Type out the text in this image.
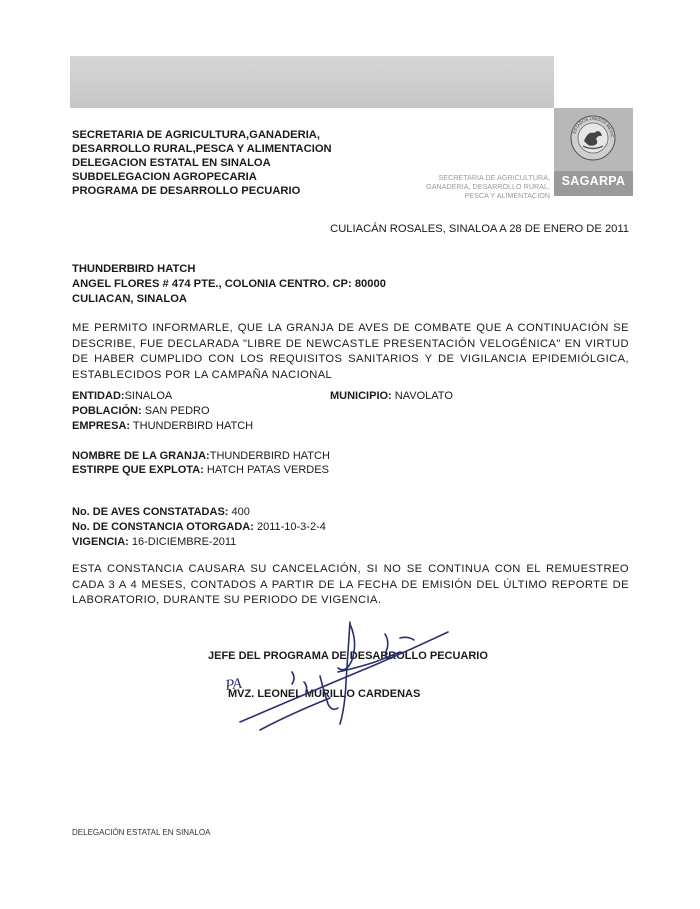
SECRETARIA DE AGRICULTURA,GANADERIA,
DESARROLLO RURAL,PESCA Y ALIMENTACION
DELEGACION ESTATAL EN SINALOA
SUBDELEGACION AGROPECARIA
PROGRAMA DE DESARROLLO PECUARIO
ESTADOS UNIDOS MEXIC
SAGARPA
SECRETARIA DE AGRICULTURA,
GANADERIA, DESARROLLO RURAL,
PESCA Y ALIMENTACION
CULIACÁN ROSALES, SINALOA A 28 DE ENERO DE 2011
THUNDERBIRD HATCH
ANGEL FLORES # 474 PTE., COLONIA CENTRO. CP: 80000
CULIACAN, SINALOA
ME PERMITO INFORMARLE, QUE LA GRANJA DE AVES DE COMBATE QUE A CONTINUACIÓN SE DESCRIBE, FUE DECLARADA "LIBRE DE NEWCASTLE PRESENTACIÓN VELOGÉNICA" EN VIRTUD DE HABER CUMPLIDO CON LOS REQUISITOS SANITARIOS Y DE VIGILANCIA EPIDEMIÓLGICA, ESTABLECIDOS POR LA CAMPAÑA NACIONAL
ENTIDAD:SINALOA	MUNICIPIO: NAVOLATO
POBLACIÓN: SAN PEDRO
EMPRESA: THUNDERBIRD HATCH
NOMBRE DE LA GRANJA:THUNDERBIRD HATCH
ESTIRPE QUE EXPLOTA: HATCH PATAS VERDES
No. DE AVES CONSTATADAS: 400
No. DE CONSTANCIA OTORGADA: 2011-10-3-2-4
VIGENCIA: 16-DICIEMBRE-2011
ESTA CONSTANCIA CAUSARA SU CANCELACIÓN, SI NO SE CONTINUA CON EL REMUESTREO CADA 3 A 4 MESES, CONTADOS A PARTIR DE LA FECHA DE EMISIÓN DEL ÚLTIMO REPORTE DE LABORATORIO, DURANTE SU PERIODO DE VIGENCIA.
JEFE DEL PROGRAMA DE DESARROLLO PECUARIO
MVZ. LEONEL MURILLO CARDENAS
PA
DELEGACIÓN ESTATAL EN SINALOA
